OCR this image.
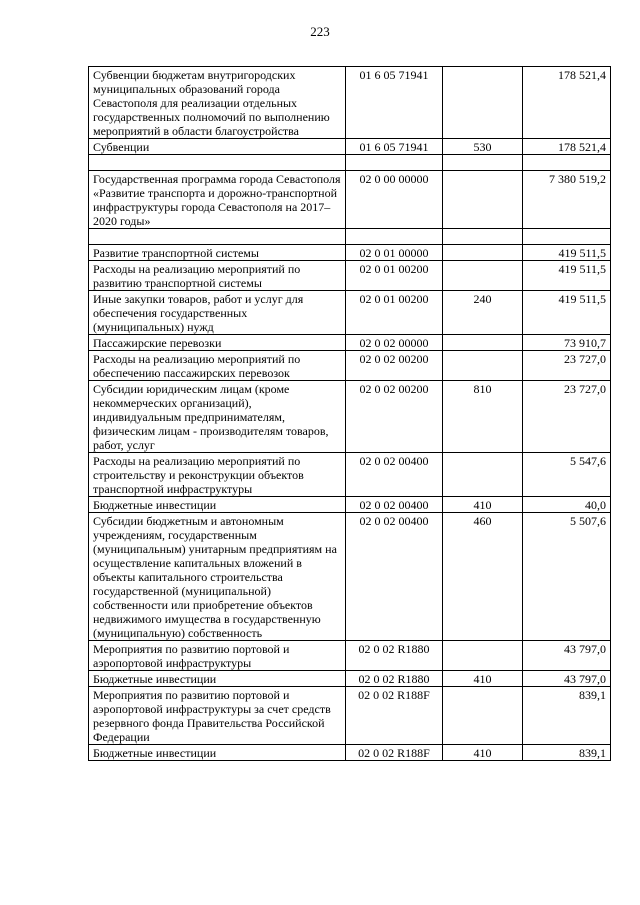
223
Субвенции бюджетам внутригородских муниципальных образований города Севастополя для реализации отдельных государственных полномочий по выполнению мероприятий в области благоустройства	01 6 05 71941		178 521,4
Субвенции	01 6 05 71941	530	178 521,4

Государственная программа города Севастополя «Развитие транспорта и дорожно-транспортной инфраструктуры города Севастополя на 2017–2020 годы»	02 0 00 00000		7 380 519,2

Развитие транспортной системы	02 0 01 00000		419 511,5
Расходы на реализацию мероприятий по развитию транспортной системы	02 0 01 00200		419 511,5
Иные закупки товаров, работ и услуг для обеспечения государственных (муниципальных) нужд	02 0 01 00200	240	419 511,5
Пассажирские перевозки	02 0 02 00000		73 910,7
Расходы на реализацию мероприятий по обеспечению пассажирских перевозок	02 0 02 00200		23 727,0
Субсидии юридическим лицам (кроме некоммерческих организаций), индивидуальным предпринимателям, физическим лицам - производителям товаров, работ, услуг	02 0 02 00200	810	23 727,0
Расходы на реализацию мероприятий по строительству и реконструкции объектов транспортной инфраструктуры	02 0 02 00400		5 547,6
Бюджетные инвестиции	02 0 02 00400	410	40,0
Субсидии бюджетным и автономным учреждениям, государственным (муниципальным) унитарным предприятиям на осуществление капитальных вложений в объекты капитального строительства государственной (муниципальной) собственности или приобретение объектов недвижимого имущества в государственную (муниципальную) собственность	02 0 02 00400	460	5 507,6
Мероприятия по развитию портовой и аэропортовой инфраструктуры	02 0 02 R1880		43 797,0
Бюджетные инвестиции	02 0 02 R1880	410	43 797,0
Мероприятия по развитию портовой и аэропортовой инфраструктуры за счет средств резервного фонда Правительства Российской Федерации	02 0 02 R188F		839,1
Бюджетные инвестиции	02 0 02 R188F	410	839,1
